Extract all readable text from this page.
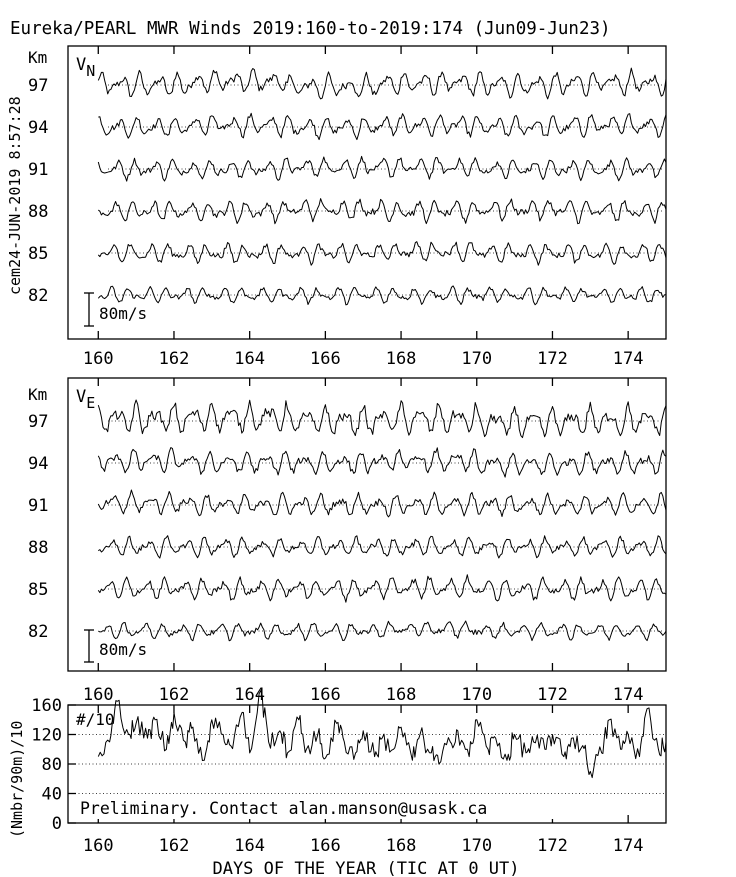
Eureka/PEARL MWR Winds 2019:160-to-2019:174 (Jun09-Jun23)
cem24-JUN-2019 8:57:28
Km VN
97
94
91
88
85
82
160	162	164	166	168	170	172	174
80m/s
Km VE
97
94
91
88
85
82
160	162	164	166	168	170	172	174
80m/s
#/10
(Nmbr/90m)/10
160
120
80
40
0
160	162	164	166	168	170	172	174
Preliminary. Contact alan.manson@usask.ca
DAYS OF THE YEAR (TIC AT 0 UT)
